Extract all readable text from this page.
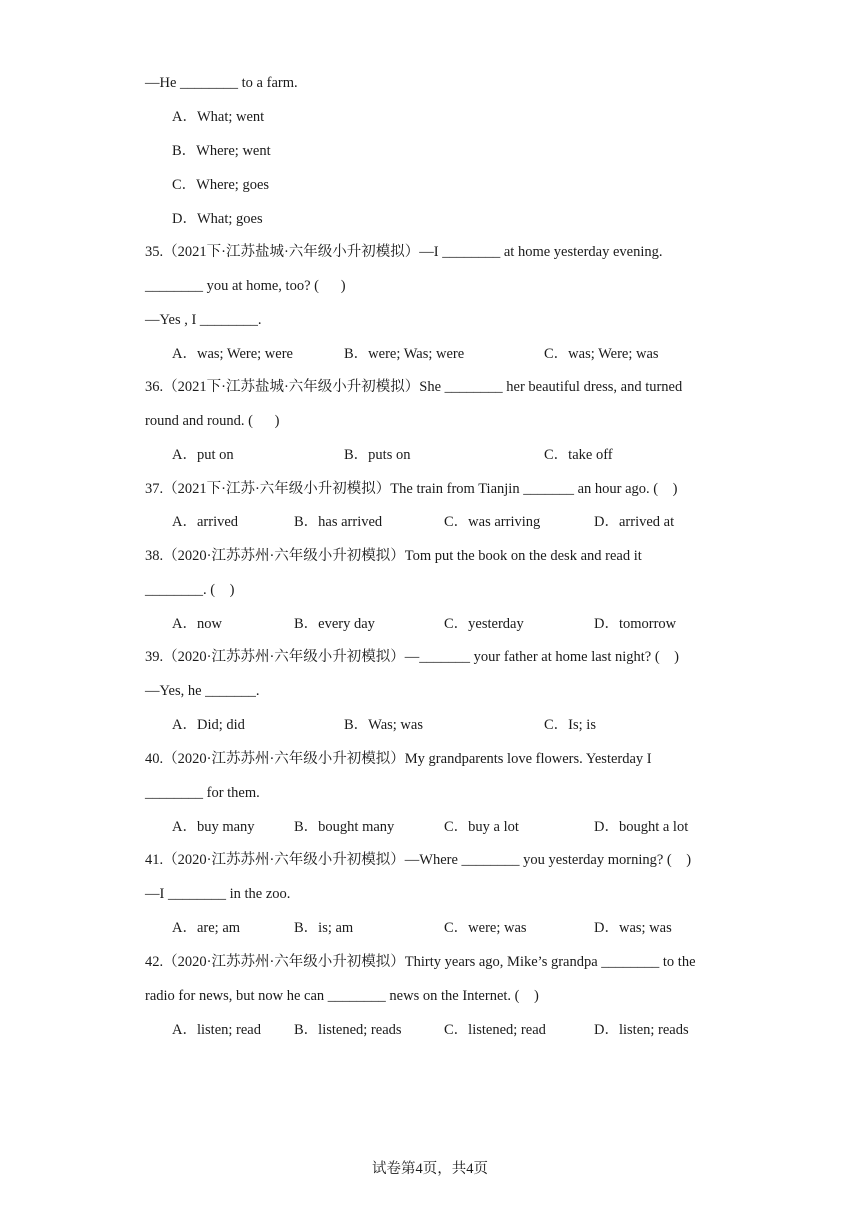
—He ________ to a farm.
A．What; went
B．Where; went
C．Where; goes
D．What; goes
35.（2021下·江苏盐城·六年级小升初模拟）—I ________ at home yesterday evening.
________ you at home, too? (      )
—Yes , I ________.
A．was; Were; were	B．were; Was; were	C．was; Were; was
36.（2021下·江苏盐城·六年级小升初模拟）She ________ her beautiful dress, and turned
round and round. (      )
A．put on	B．puts on	C．take off
37.（2021下·江苏·六年级小升初模拟）The train from Tianjin _______ an hour ago. (    )
A．arrived	B．has arrived	C．was arriving	D．arrived at
38.（2020·江苏苏州·六年级小升初模拟）Tom put the book on the desk and read it
________. (    )
A．now	B．every day	C．yesterday	D．tomorrow
39.（2020·江苏苏州·六年级小升初模拟）—_______ your father at home last night? (    )
—Yes, he _______.
A．Did; did	B．Was; was	C．Is; is
40.（2020·江苏苏州·六年级小升初模拟）My grandparents love flowers. Yesterday I
________ for them.
A．buy many	B．bought many	C．buy a lot	D．bought a lot
41.（2020·江苏苏州·六年级小升初模拟）—Where ________ you yesterday morning? (    )
—I ________ in the zoo.
A．are; am	B．is; am	C．were; was	D．was; was
42.（2020·江苏苏州·六年级小升初模拟）Thirty years ago, Mike’s grandpa ________ to the
radio for news, but now he can ________ news on the Internet. (    )
A．listen; read B．listened; reads	C．listened; read	D．listen; reads
试卷第4页，共4页
